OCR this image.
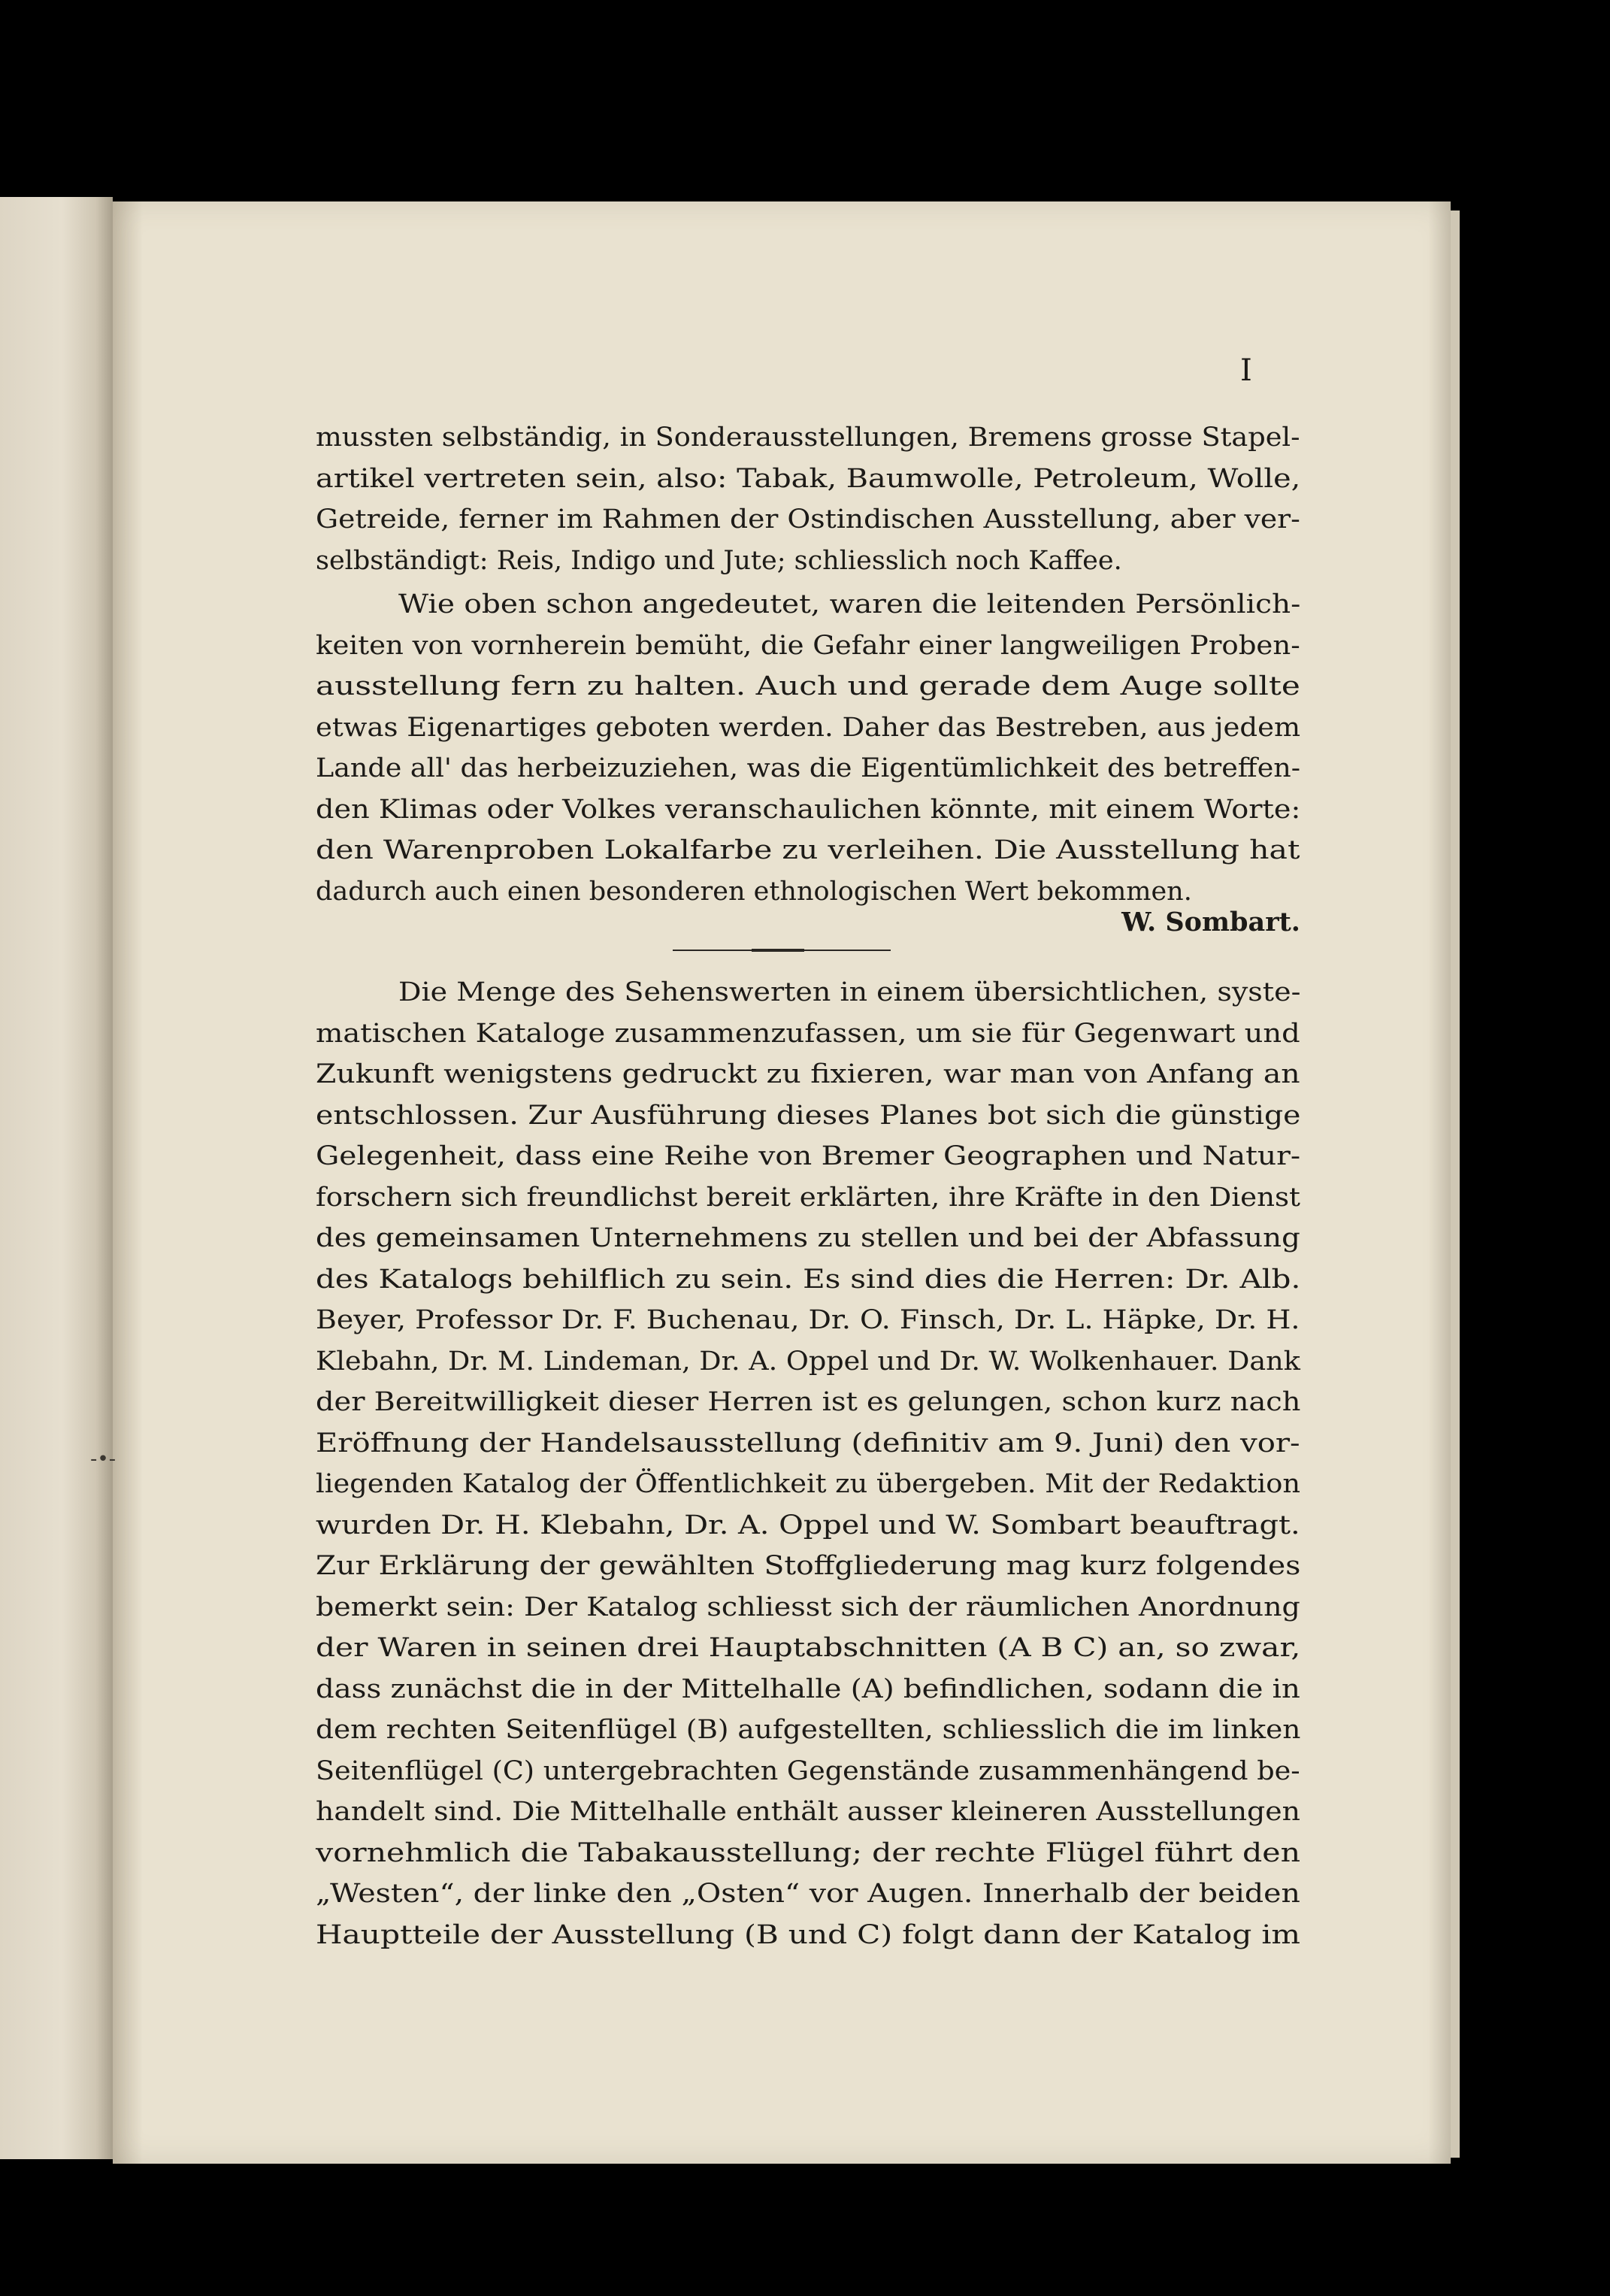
I
mussten selbständig, in Sonderausstellungen, Bremens grosse Stapel-
artikel vertreten sein, also: Tabak, Baumwolle, Petroleum, Wolle,
Getreide, ferner im Rahmen der Ostindischen Ausstellung, aber ver-
selbständigt: Reis, Indigo und Jute; schliesslich noch Kaffee.
Wie oben schon angedeutet, waren die leitenden Persönlich-
keiten von vornherein bemüht, die Gefahr einer langweiligen Proben-
ausstellung fern zu halten. Auch und gerade dem Auge sollte
etwas Eigenartiges geboten werden. Daher das Bestreben, aus jedem
Lande all' das herbeizuziehen, was die Eigentümlichkeit des betreffen-
den Klimas oder Volkes veranschaulichen könnte, mit einem Worte:
den Warenproben Lokalfarbe zu verleihen. Die Ausstellung hat
dadurch auch einen besonderen ethnologischen Wert bekommen.
W. Sombart.
Die Menge des Sehenswerten in einem übersichtlichen, syste-
matischen Kataloge zusammenzufassen, um sie für Gegenwart und
Zukunft wenigstens gedruckt zu fixieren, war man von Anfang an
entschlossen. Zur Ausführung dieses Planes bot sich die günstige
Gelegenheit, dass eine Reihe von Bremer Geographen und Natur-
forschern sich freundlichst bereit erklärten, ihre Kräfte in den Dienst
des gemeinsamen Unternehmens zu stellen und bei der Abfassung
des Katalogs behilflich zu sein. Es sind dies die Herren: Dr. Alb.
Beyer, Professor Dr. F. Buchenau, Dr. O. Finsch, Dr. L. Häpke, Dr. H.
Klebahn, Dr. M. Lindeman, Dr. A. Oppel und Dr. W. Wolkenhauer. Dank
der Bereitwilligkeit dieser Herren ist es gelungen, schon kurz nach
Eröffnung der Handelsausstellung (definitiv am 9. Juni) den vor-
liegenden Katalog der Öffentlichkeit zu übergeben. Mit der Redaktion
wurden Dr. H. Klebahn, Dr. A. Oppel und W. Sombart beauftragt.
Zur Erklärung der gewählten Stoffgliederung mag kurz folgendes
bemerkt sein: Der Katalog schliesst sich der räumlichen Anordnung
der Waren in seinen drei Hauptabschnitten (A B C) an, so zwar,
dass zunächst die in der Mittelhalle (A) befindlichen, sodann die in
dem rechten Seitenflügel (B) aufgestellten, schliesslich die im linken
Seitenflügel (C) untergebrachten Gegenstände zusammenhängend be-
handelt sind. Die Mittelhalle enthält ausser kleineren Ausstellungen
vornehmlich die Tabakausstellung; der rechte Flügel führt den
„Westen“, der linke den „Osten“ vor Augen. Innerhalb der beiden
Hauptteile der Ausstellung (B und C) folgt dann der Katalog im
-•-
